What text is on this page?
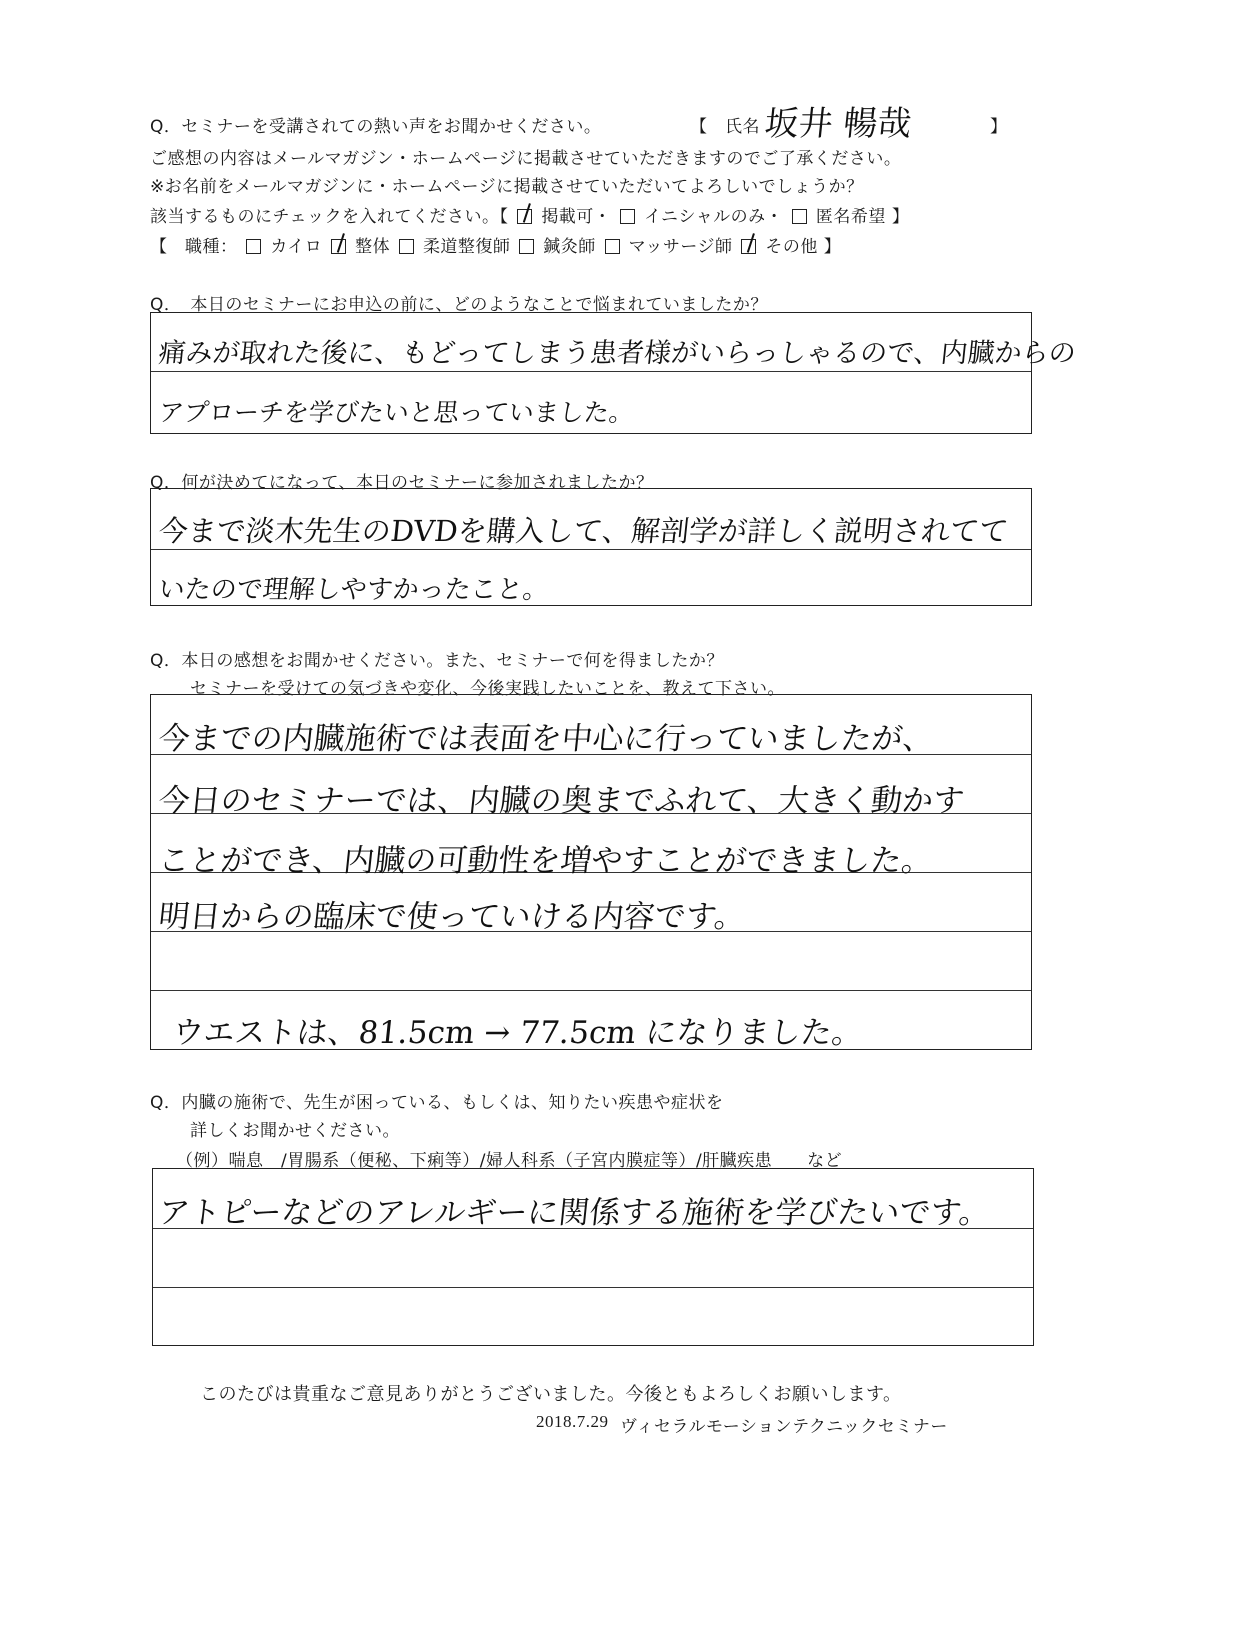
Q．セミナーを受講されての熱い声をお聞かせください。	【　氏名 坂井 暢哉	】
ご感想の内容はメールマガジン・ホームページに掲載させていただきますのでご了承ください。
※お名前をメールマガジンに・ホームページに掲載させていただいてよろしいでしょうか？
該当するものにチェックを入れてください。【 掲載可・ イニシャルのみ・ 匿名希望 】
【　職種： カイロ 整体 柔道整復師 鍼灸師 マッサージ師 その他 】
Q．　本日のセミナーにお申込の前に、どのようなことで悩まれていましたか？
痛みが取れた後に、もどってしまう患者様がいらっしゃるので、内臓からの
アプローチを学びたいと思っていました。
Q．何が決めてになって、本日のセミナーに参加されましたか？
今まで淡木先生のDVDを購入して、解剖学が詳しく説明されてて
いたので理解しやすかったこと。
Q．本日の感想をお聞かせください。また、セミナーで何を得ましたか？
セミナーを受けての気づきや変化、今後実践したいことを、教えて下さい。
今までの内臓施術では表面を中心に行っていましたが、
今日のセミナーでは、内臓の奥までふれて、大きく動かす
ことができ、内臓の可動性を増やすことができました。
明日からの臨床で使っていける内容です。
ウエストは、81.5cm → 77.5cm になりました。
Q．内臓の施術で、先生が困っている、もしくは、知りたい疾患や症状を
詳しくお聞かせください。
（例）喘息　/胃腸系（便秘、下痢等）/婦人科系（子宮内膜症等）/肝臓疾患　　など
アトピーなどのアレルギーに関係する施術を学びたいです。
このたびは貴重なご意見ありがとうございました。今後ともよろしくお願いします。
2018.7.29 ヴィセラルモーションテクニックセミナー
